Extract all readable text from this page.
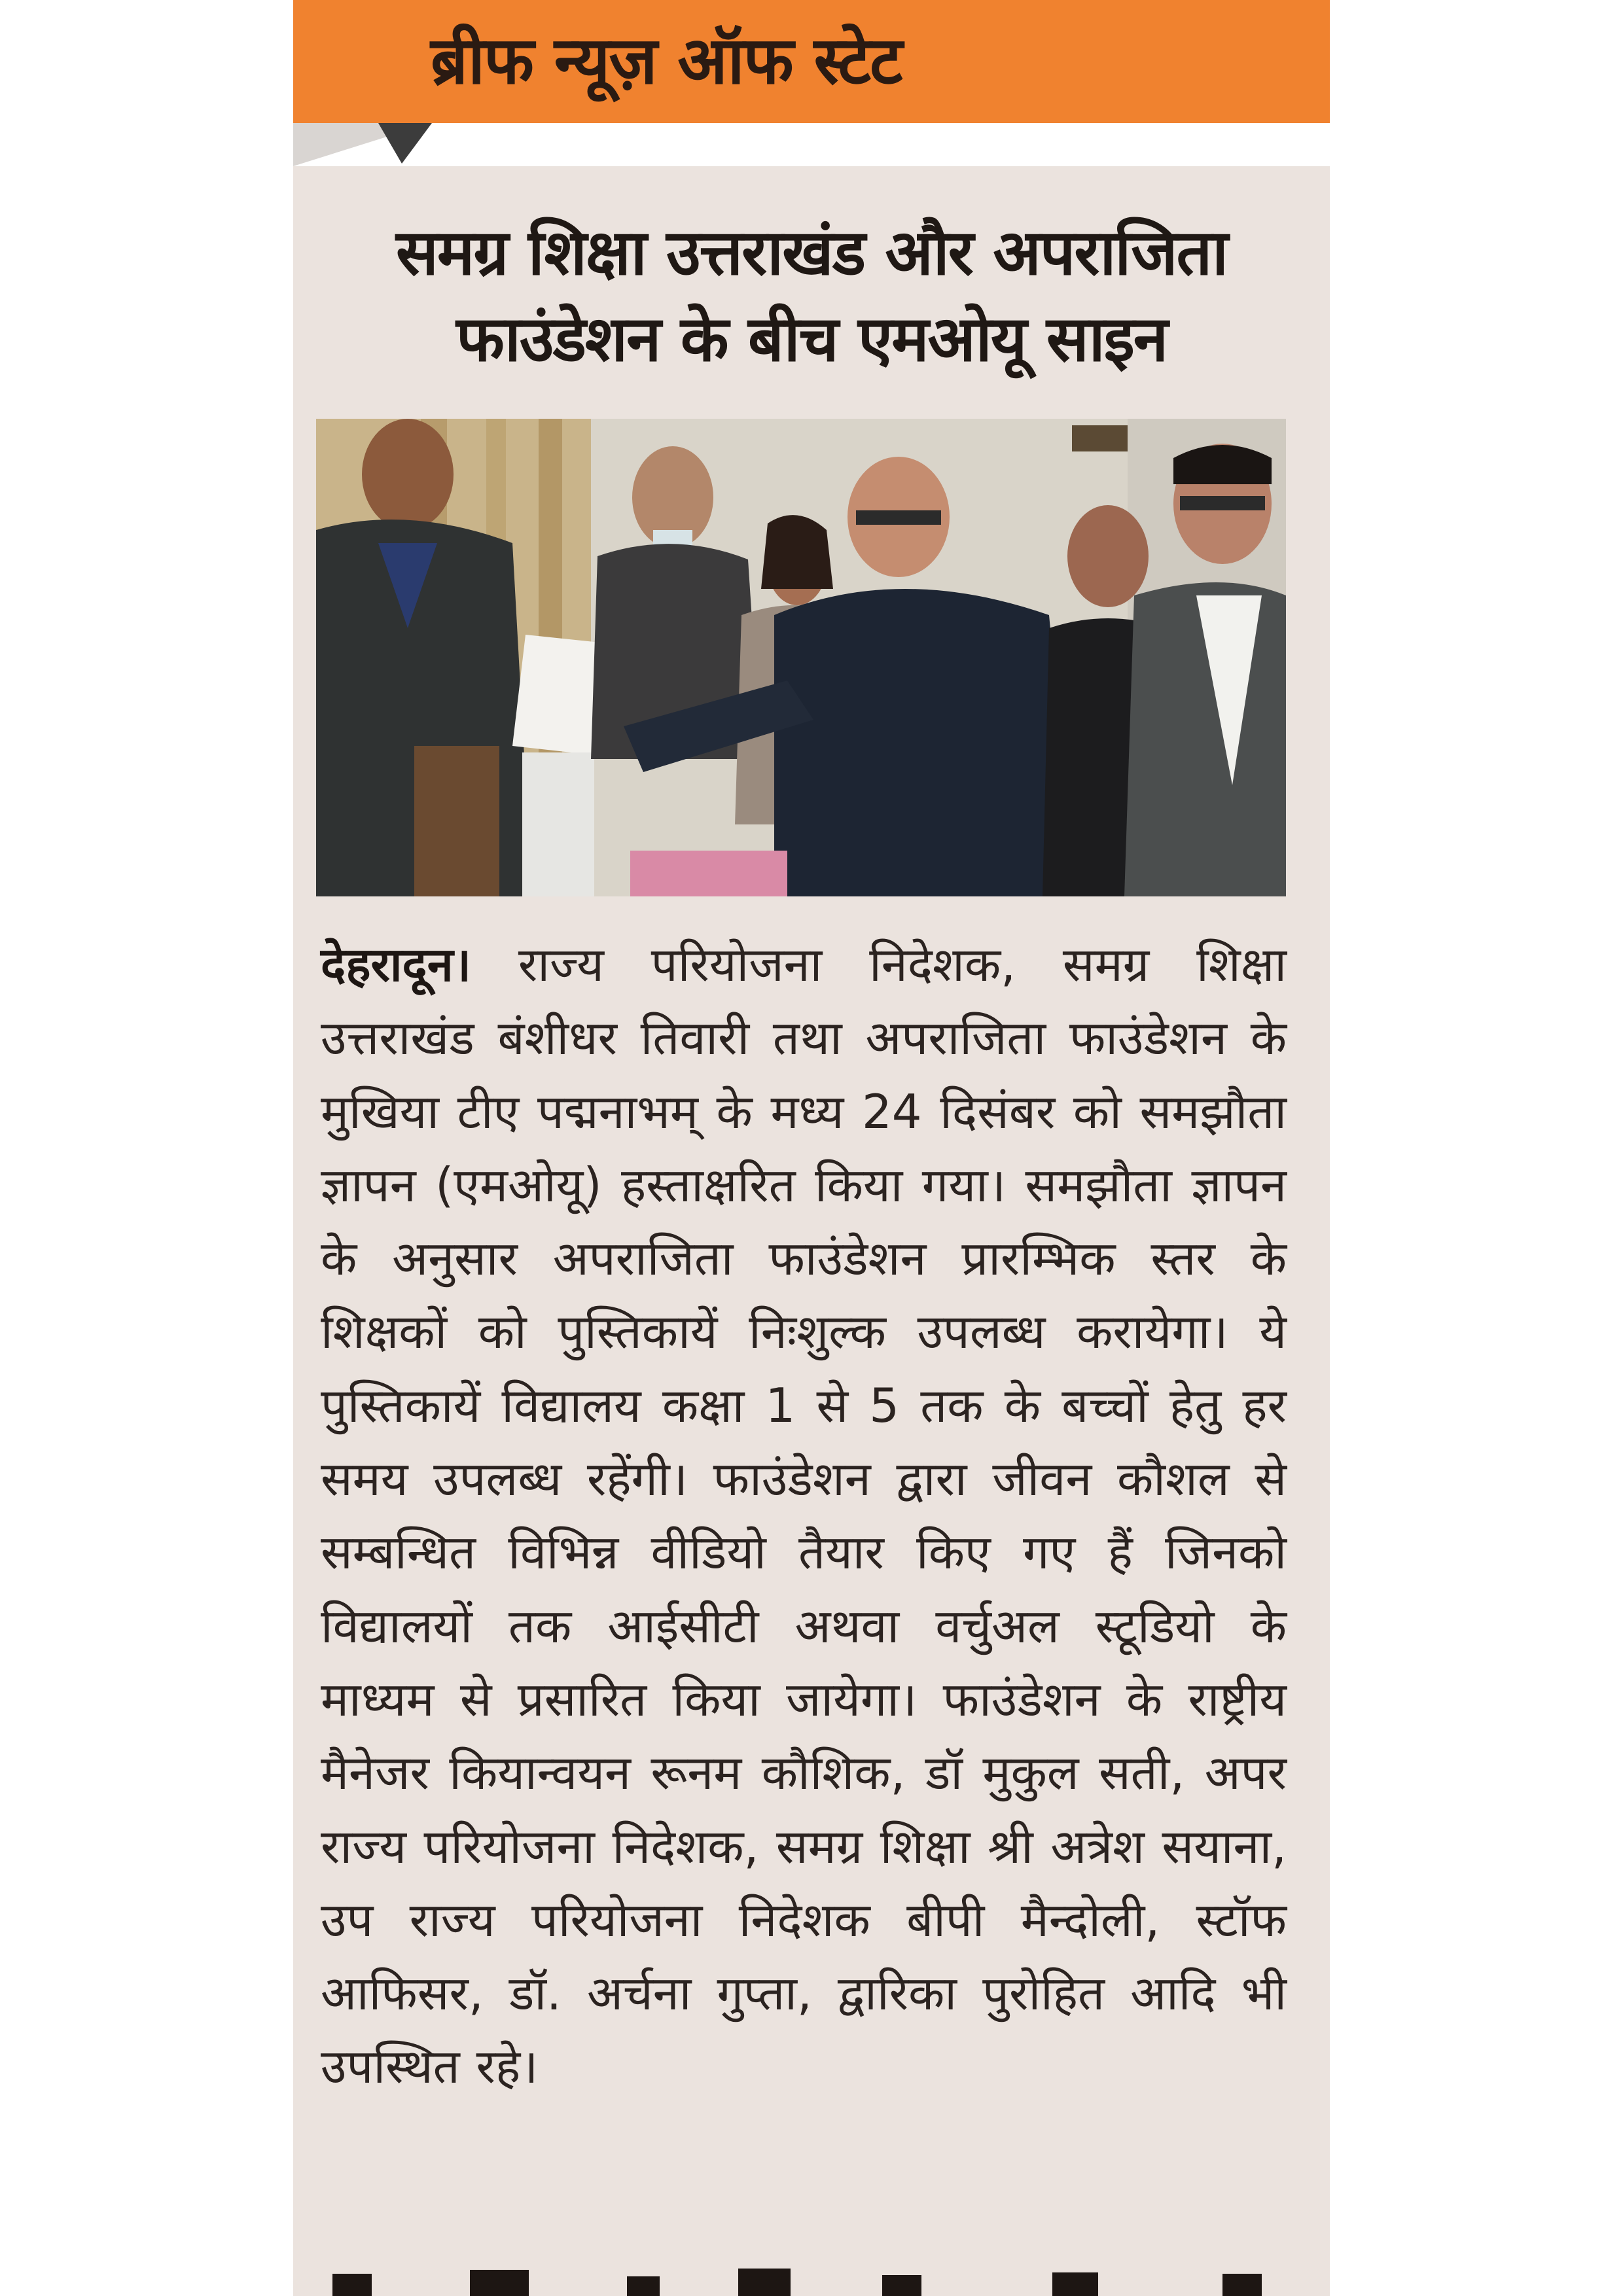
ब्रीफ न्यूज़ ऑफ स्टेट
समग्र शिक्षा उत्तराखंड और अपराजिता फाउंडेशन के बीच एमओयू साइन
देहरादून। राज्य परियोजना निदेशक, समग्र शिक्षा उत्तराखंड बंशीधर तिवारी तथा अपराजिता फाउंडेशन के मुखिया टीए पद्मनाभम् के मध्य 24 दिसंबर को समझौता ज्ञापन (एमओयू) हस्ताक्षरित किया गया। समझौता ज्ञापन के अनुसार अपराजिता फाउंडेशन प्रारम्भिक स्तर के शिक्षकों को पुस्तिकायें निःशुल्क उपलब्ध करायेगा। ये पुस्तिकायें विद्यालय कक्षा 1 से 5 तक के बच्चों हेतु हर समय उपलब्ध रहेंगी। फाउंडेशन द्वारा जीवन कौशल से सम्बन्धित विभिन्न वीडियो तैयार किए गए हैं जिनको विद्यालयों तक आईसीटी अथवा वर्चुअल स्टूडियो के माध्यम से प्रसारित किया जायेगा। फाउंडेशन के राष्ट्रीय मैनेजर कियान्वयन रूनम कौशिक, डॉ मुकुल सती, अपर राज्य परियोजना निदेशक, समग्र शिक्षा श्री अत्रेश सयाना, उप राज्य परियोजना निदेशक बीपी मैन्दोली, स्टॉफ आफिसर, डॉ. अर्चना गुप्ता, द्वारिका पुरोहित आदि भी उपस्थित रहे।
